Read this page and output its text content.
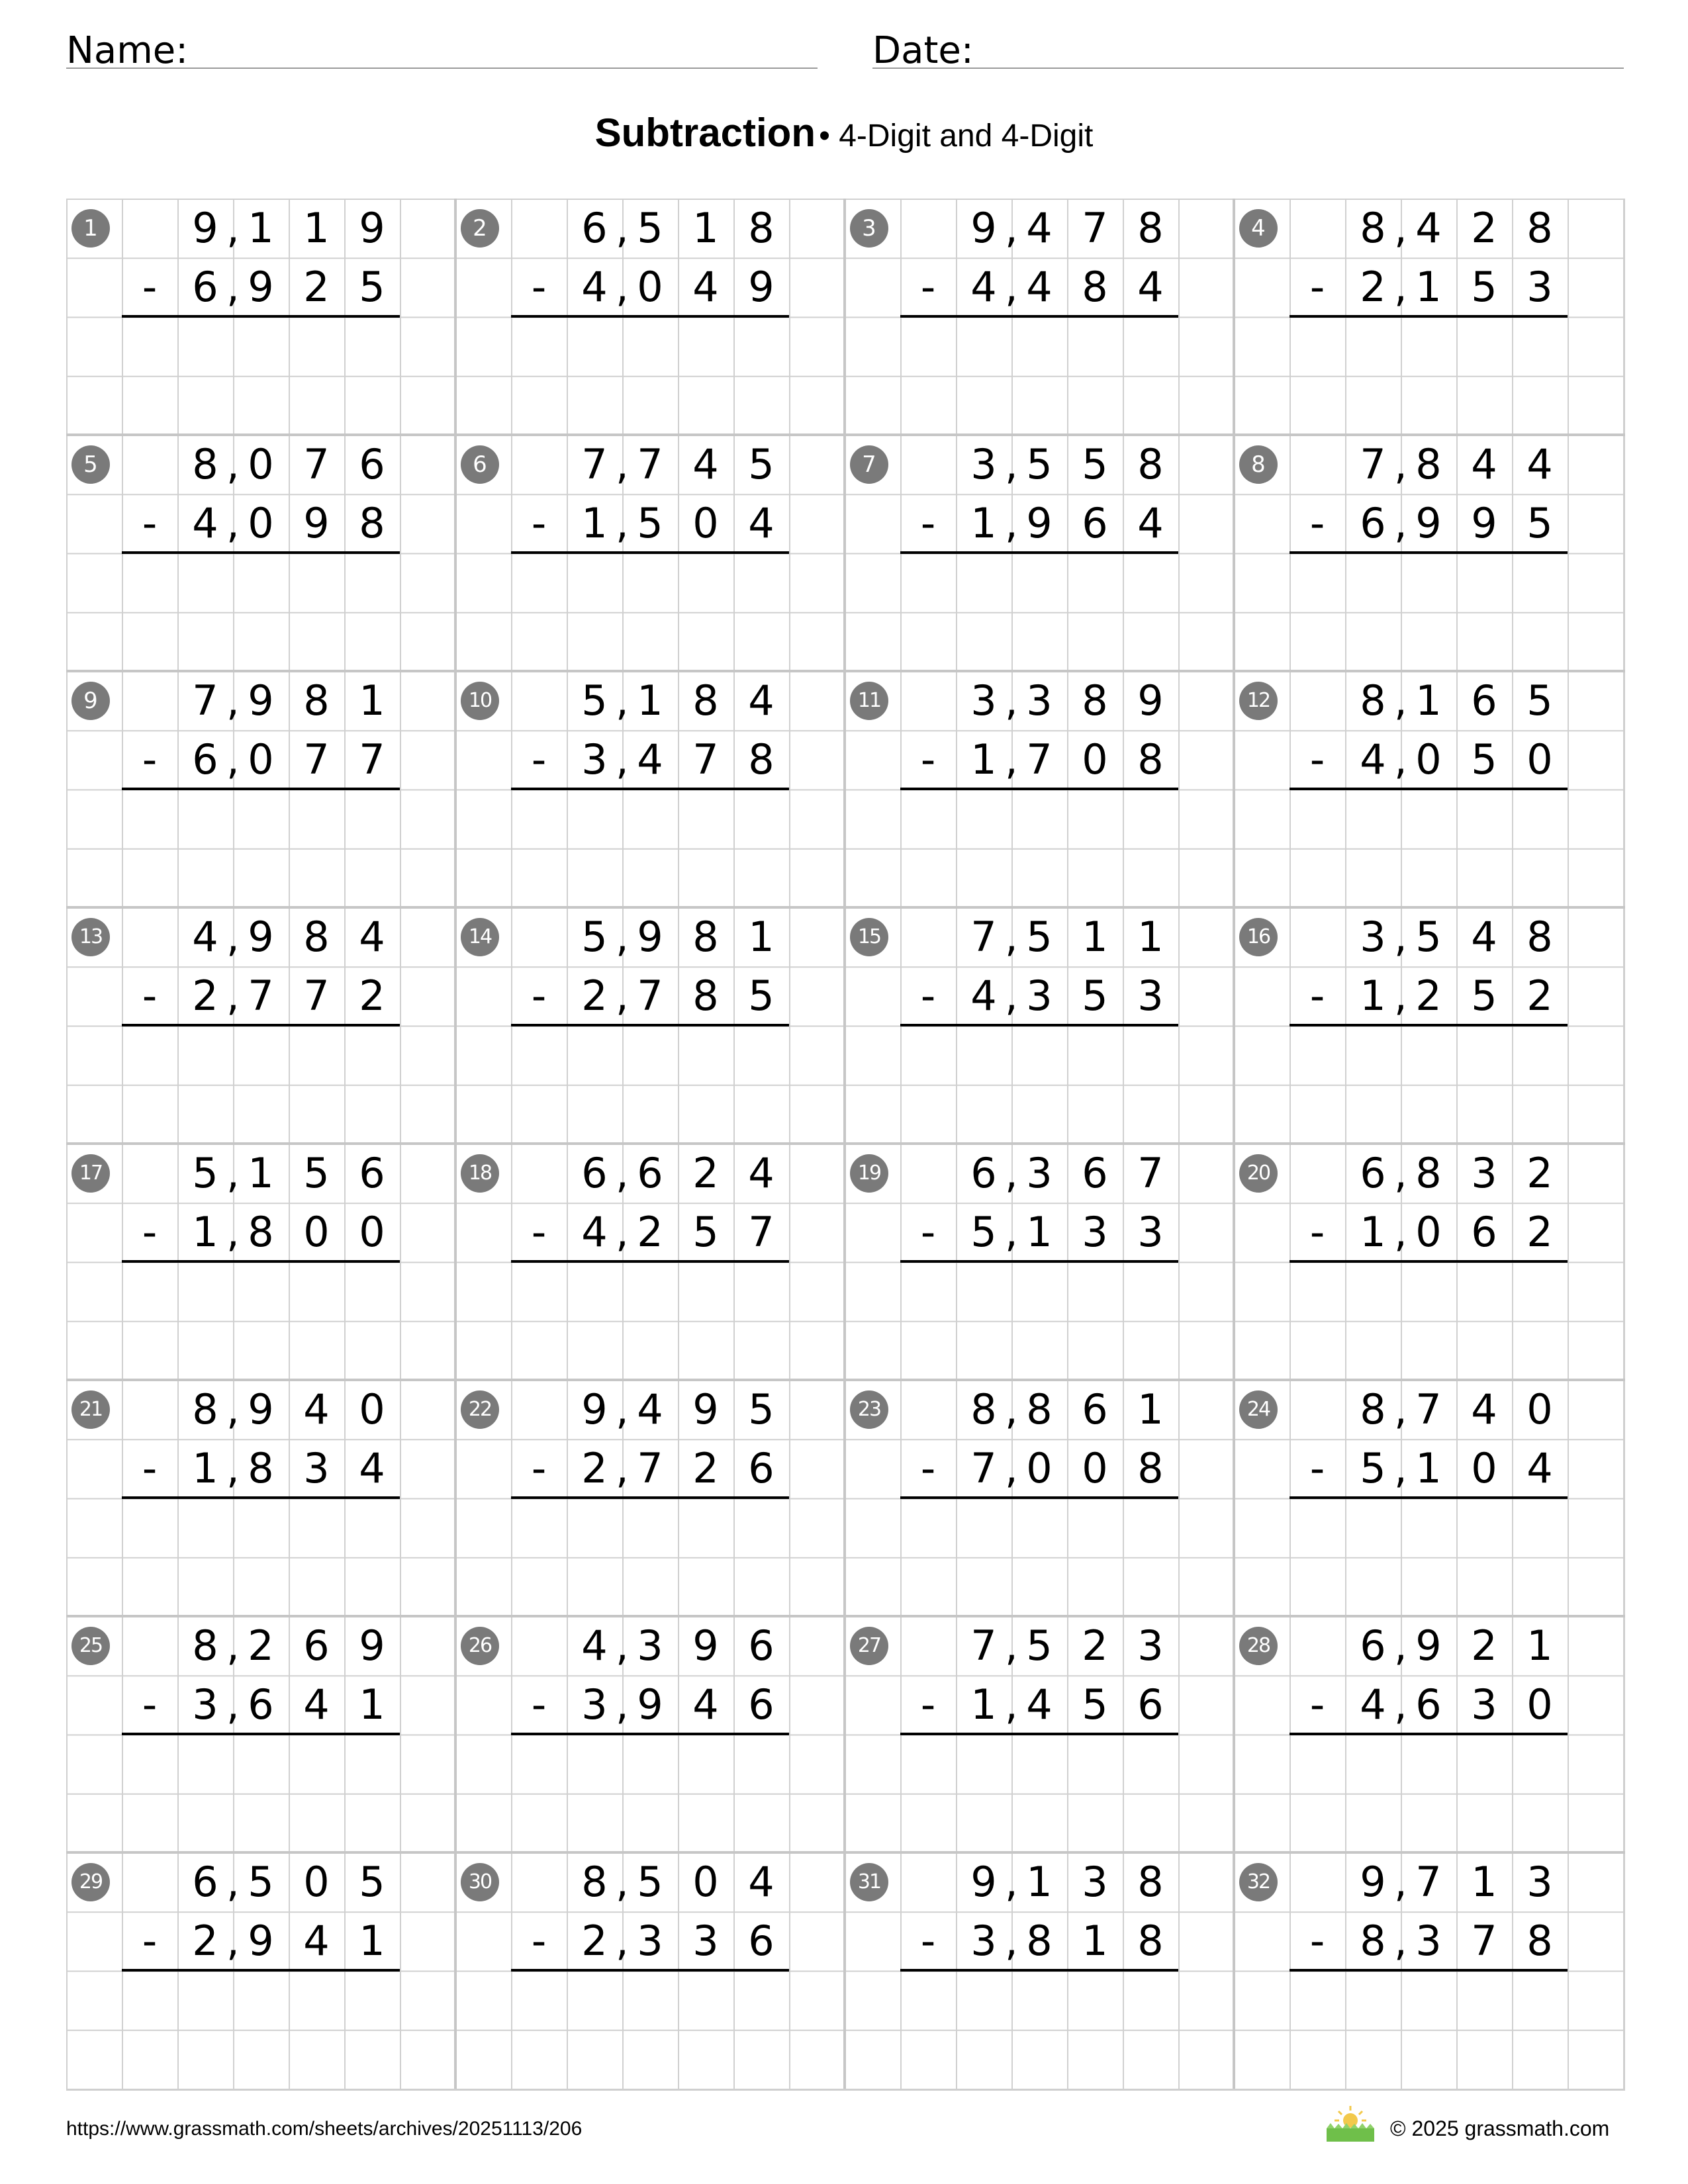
Name:	Date:
Subtraction • 4-Digit and 4-Digit
1	9 1 1 9
,
6 9 2 5
,
-
2	6 5 1 8
,
4 0 4 9
,
-
3	9 4 7 8
,
4 4 8 4
,
-
4	8 4 2 8
,
2 1 5 3
,
-
5	8 0 7 6
,
4 0 9 8
,
-
6	7 7 4 5
,
1 5 0 4
,
-
7	3 5 5 8
,
1 9 6 4
,
-
8	7 8 4 4
,
6 9 9 5
,
-
9	7 9 8 1
,
6 0 7 7
,
-
10	5 1 8 4
,
3 4 7 8
,
-
11	3 3 8 9
,
1 7 0 8
,
-
12	8 1 6 5
,
4 0 5 0
,
-
13	4 9 8 4
,
2 7 7 2
,
-
14	5 9 8 1
,
2 7 8 5
,
-
15	7 5 1 1
,
4 3 5 3
,
-
16	3 5 4 8
,
1 2 5 2
,
-
17	5 1 5 6
,
1 8 0 0
,
-
18	6 6 2 4
,
4 2 5 7
,
-
19	6 3 6 7
,
5 1 3 3
,
-
20	6 8 3 2
,
1 0 6 2
,
-
21	8 9 4 0
,
1 8 3 4
,
-
22	9 4 9 5
,
2 7 2 6
,
-
23	8 8 6 1
,
7 0 0 8
,
-
24	8 7 4 0
,
5 1 0 4
,
-
25	8 2 6 9
,
3 6 4 1
,
-
26	4 3 9 6
,
3 9 4 6
,
-
27	7 5 2 3
,
1 4 5 6
,
-
28	6 9 2 1
,
4 6 3 0
,
-
29	6 5 0 5
,
2 9 4 1
,
-
30	8 5 0 4
,
2 3 3 6
,
-
31	9 1 3 8
,
3 8 1 8
,
-
32	9 7 1 3
,
8 3 7 8
,
-
https://www.grassmath.com/sheets/archives/20251113/206	© 2025 grassmath.com
